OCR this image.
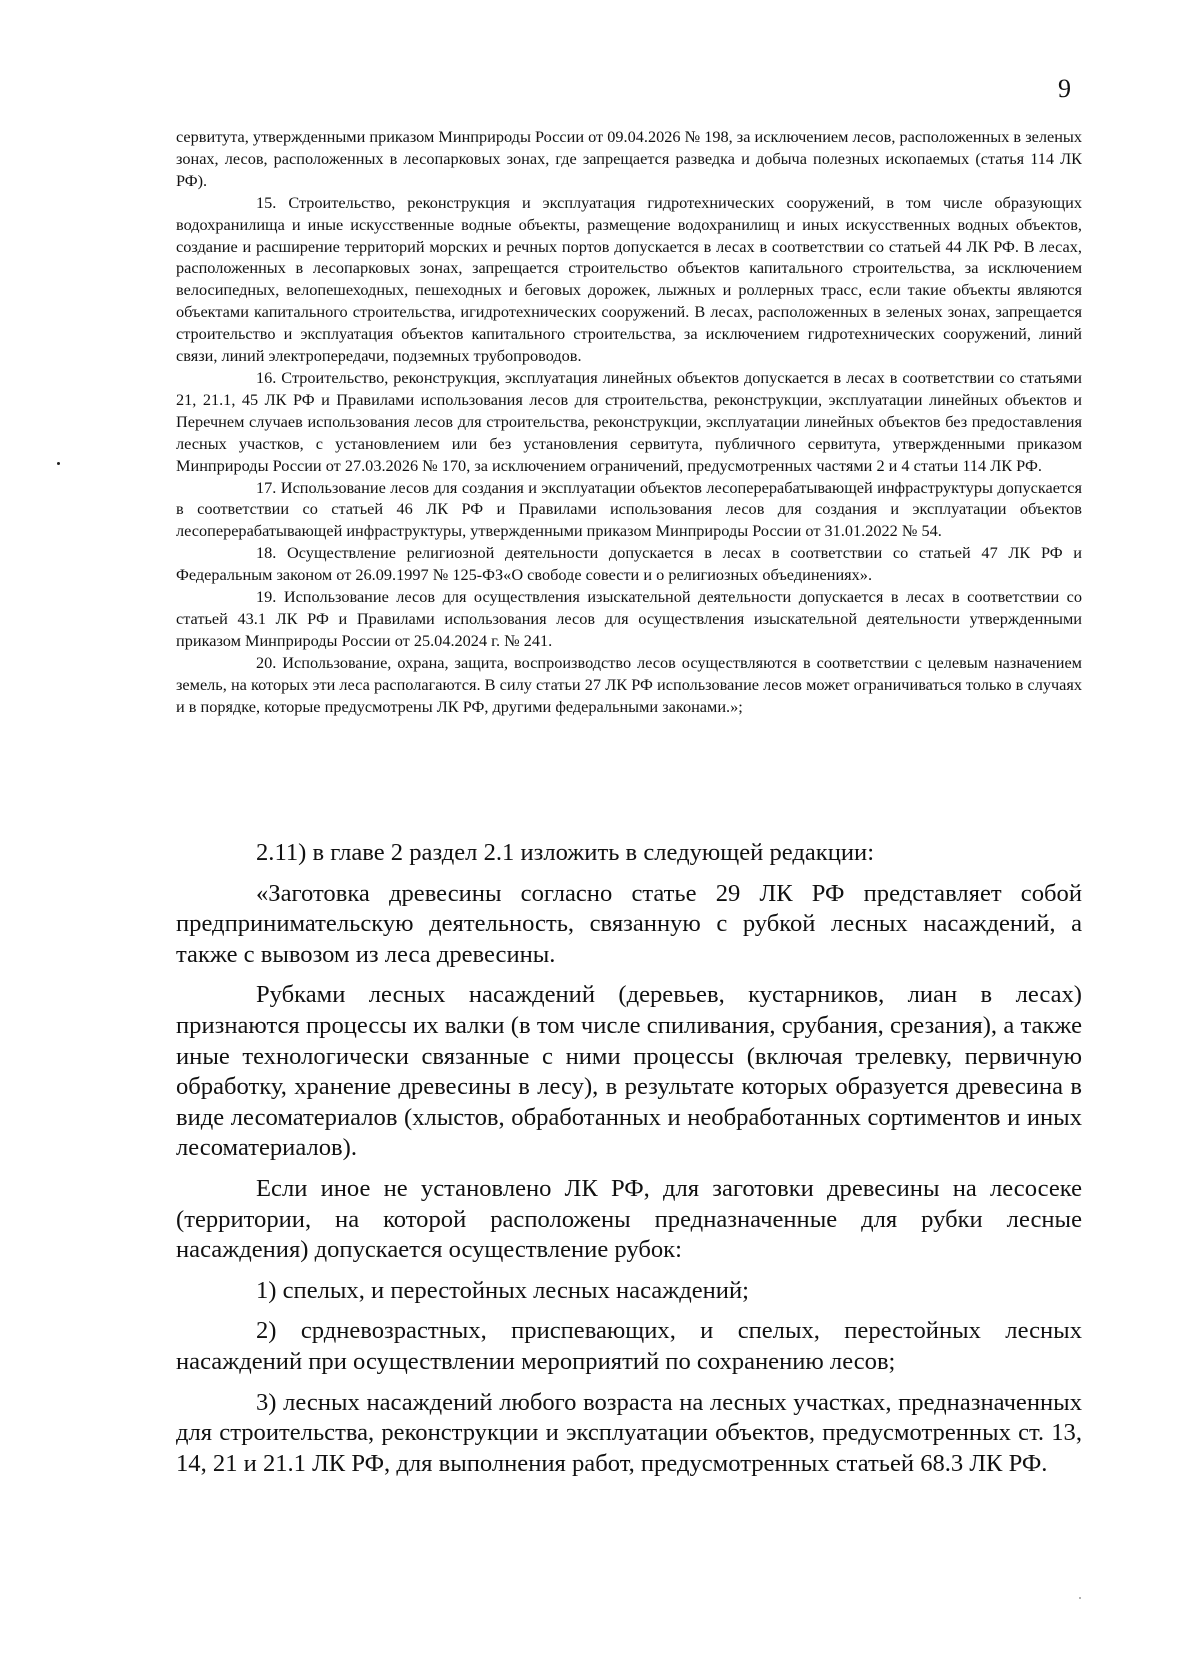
9

сервитута, утвержденными приказом Минприроды России от 09.04.2026 № 198, за исключением лесов, расположенных в зеленых зонах, лесов, расположенных в лесопарковых зонах, где запрещается разведка и добыча полезных ископаемых (статья 114 ЛК РФ).

15. Строительство, реконструкция и эксплуатация гидротехнических сооружений, в том числе образующих водохранилища и иные искусственные водные объекты, размещение водохранилищ и иных искусственных водных объектов, создание и расширение территорий морских и речных портов допускается в лесах в соответствии со статьей 44 ЛК РФ. В лесах, расположенных в лесопарковых зонах, запрещается строительство объектов капитального строительства, за исключением велосипедных, велопешеходных, пешеходных и беговых дорожек, лыжных и роллерных трасс, если такие объекты являются объектами капитального строительства, игидротехнических сооружений. В лесах, расположенных в зеленых зонах, запрещается строительство и эксплуатация объектов капитального строительства, за исключением гидротехнических сооружений, линий связи, линий электропередачи, подземных трубопроводов.

16. Строительство, реконструкция, эксплуатация линейных объектов допускается в лесах в соответствии со статьями 21, 21.1, 45 ЛК РФ и Правилами использования лесов для строительства, реконструкции, эксплуатации линейных объектов и Перечнем случаев использования лесов для строительства, реконструкции, эксплуатации линейных объектов без предоставления лесных участков, с установлением или без установления сервитута, публичного сервитута, утвержденными приказом Минприроды России от 27.03.2026 № 170, за исключением ограничений, предусмотренных частями 2 и 4 статьи 114 ЛК РФ.

17. Использование лесов для создания и эксплуатации объектов лесоперерабатывающей инфраструктуры допускается в соответствии со статьей 46 ЛК РФ и Правилами использования лесов для создания и эксплуатации объектов лесоперерабатывающей инфраструктуры, утвержденными приказом Минприроды России от 31.01.2022 № 54.

18. Осуществление религиозной деятельности допускается в лесах в соответствии со статьей 47 ЛК РФ и Федеральным законом от 26.09.1997 № 125-ФЗ«О свободе совести и о религиозных объединениях».

19. Использование лесов для осуществления изыскательной деятельности допускается в лесах в соответствии со статьей 43.1 ЛК РФ и Правилами использования лесов для осуществления изыскательной деятельности утвержденными приказом Минприроды России от 25.04.2024 г. № 241.

20. Использование, охрана, защита, воспроизводство лесов осуществляются в соответствии с целевым назначением земель, на которых эти леса располагаются. В силу статьи 27 ЛК РФ использование лесов может ограничиваться только в случаях и в порядке, которые предусмотрены ЛК РФ, другими федеральными законами.»;

2.11) в главе 2 раздел 2.1 изложить в следующей редакции:

«Заготовка древесины согласно статье 29 ЛК РФ представляет собой предпринимательскую деятельность, связанную с рубкой лесных насаждений, а также с вывозом из леса древесины.

Рубками лесных насаждений (деревьев, кустарников, лиан в лесах) признаются процессы их валки (в том числе спиливания, срубания, срезания), а также иные технологически связанные с ними процессы (включая трелевку, первичную обработку, хранение древесины в лесу), в результате которых образуется древесина в виде лесоматериалов (хлыстов, обработанных и необработанных сортиментов и иных лесоматериалов).

Если иное не установлено ЛК РФ, для заготовки древесины на лесосеке (территории, на которой расположены предназначенные для рубки лесные насаждения) допускается осуществление рубок:

1) спелых, и перестойных лесных насаждений;

2) срдневозрастных, приспевающих, и спелых, перестойных лесных насаждений при осуществлении мероприятий по сохранению лесов;

3) лесных насаждений любого возраста на лесных участках, предназначенных для строительства, реконструкции и эксплуатации объектов, предусмотренных ст. 13, 14, 21 и 21.1 ЛК РФ, для выполнения работ, предусмотренных статьей 68.3 ЛК РФ.
